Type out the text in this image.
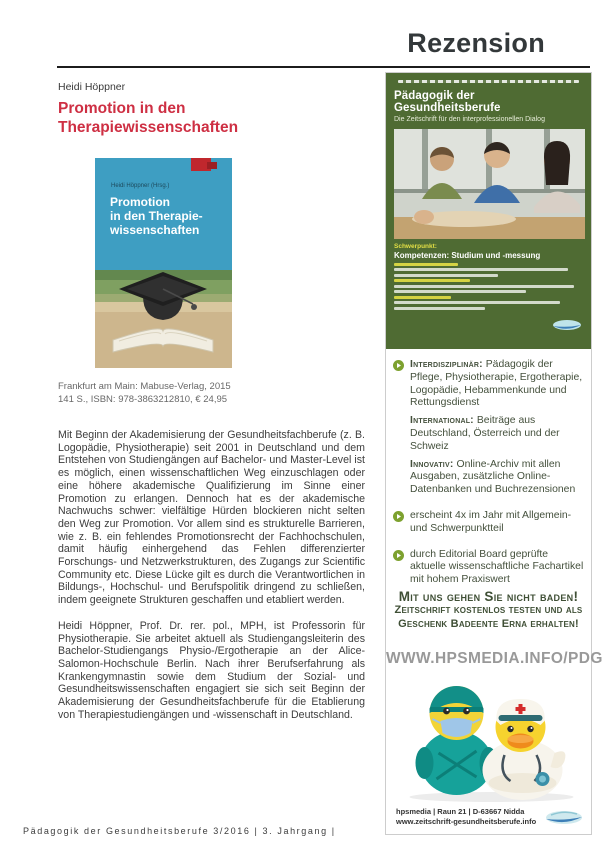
Rezension
Heidi Höppner
Promotion in den
Therapiewissenschaften
Heidi Höppner (Hrsg.)
Promotion
in den Therapie-
wissenschaften
Frankfurt am Main: Mabuse-Verlag, 2015
141 S., ISBN: 978-3863212810, € 24,95

Mit Beginn der Akademisierung der Gesundheitsfachberufe (z. B. Logopädie, Physiotherapie) seit 2001 in Deutschland und dem Entstehen von Studiengängen auf Bachelor- und Master-Level ist es möglich, einen wissenschaftlichen Weg einzuschlagen oder eine höhere akademische Qualifizierung im Sinne einer Promotion zu erlangen. Dennoch hat es der akademische Nachwuchs schwer: vielfältige Hürden blockieren nicht selten den Weg zur Promotion. Vor allem sind es strukturelle Barrieren, wie z. B. ein fehlendes Promotionsrecht der Fachhochschulen, damit häufig einhergehend das Fehlen differenzierter Forschungs- und Netzwerkstrukturen, des Zugangs zur Scientific Community etc. Diese Lücke gilt es durch die Verantwortlichen in Bildungs-, Hochschul- und Berufspolitik dringend zu schließen, indem geeignete Strukturen geschaffen und etabliert werden.

Heidi Höppner, Prof. Dr. rer. pol., MPH, ist Professorin für Physiotherapie. Sie arbeitet aktuell als Studiengangsleiterin des Bachelor-Studiengangs Physio-/Ergotherapie an der Alice-Salomon-Hochschule Berlin. Nach ihrer Berufserfahrung als Krankengymnastin sowie dem Studium der Sozial- und Gesundheitswissenschaften engagiert sie sich seit Beginn der Akademisierung der Gesundheitsfachberufe für die Etablierung von Therapiestudiengängen und -wissenschaft in Deutschland.

Pädagogik der Gesundheitsberufe
Die Zeitschrift für den interprofessionellen Dialog
Schwerpunkt:
Kompetenzen: Studium und -messung

Interdisziplinär: Pädagogik der Pflege, Physiotherapie, Ergotherapie, Logopädie, Hebammenkunde und Rettungsdienst

International: Beiträge aus Deutschland, Österreich und der Schweiz

Innovativ: Online-Archiv mit allen Ausgaben, zusätzliche Online-Datenbanken und Buchrezensionen

erscheint 4x im Jahr mit Allgemein- und Schwerpunktteil

durch Editorial Board geprüfte aktuelle wissenschaftliche Fachartikel mit hohem Praxiswert

Mit uns gehen Sie nicht baden!
Zeitschrift kostenlos testen und als
Geschenk Badeente Erna erhalten!
WWW.HPSMEDIA.INFO/PDG
hpsmedia | Raun 21 | D-63667 Nidda
www.zeitschrift-gesundheitsberufe.info
Pädagogik der Gesundheitsberufe 3/2016 | 3. Jahrgang |
